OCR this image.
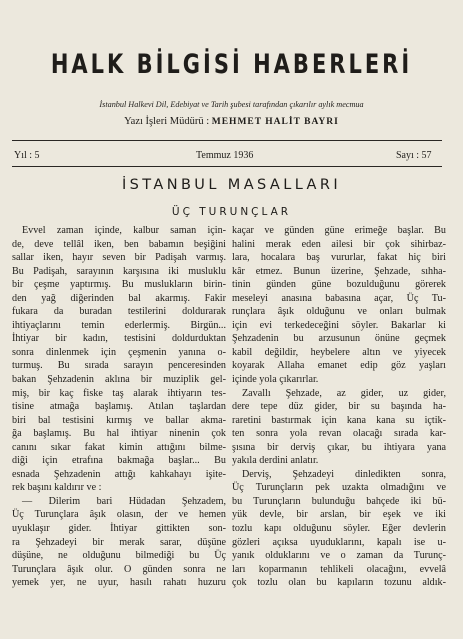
HALK BİLGİSİ HABERLERİ
İstanbul Halkevi Dil, Edebiyat ve Tarih şubesi tarafından çıkarılır aylık mecmua
Yazı İşleri Müdürü : MEHMET HALİT BAYRI
Yıl : 5	Temmuz 1936	Sayı : 57
İSTANBUL MASALLARI
ÜÇ TURUNÇLAR
Evvel zaman içinde, kalbur saman için-
de, deve tellâl iken, ben babamın beşiğini
sallar iken, hayır seven bir Padişah varmış.
Bu Padişah, sarayının karşısına iki musluklu
bir çeşme yaptırmış. Bu muslukların birin-
den yağ diğerinden bal akarmış. Fakir
fukara da buradan testilerini doldurarak
ihtiyaçlarını temin ederlermiş. Birgün...
İhtiyar bir kadın, testisini doldurduktan
sonra dinlenmek için çeşmenin yanına o-
turmuş. Bu sırada sarayın penceresinden
bakan Şehzadenin aklına bir muziplik gel-
miş, bir kaç fiske taş alarak ihtiyarın tes-
tisine atmağa başlamış. Atılan taşlardan
biri bal testisini kırmış ve ballar akma-
ğa başlamış. Bu hal ihtiyar ninenin çok
canını sıkar fakat kimin attığını bilme-
diği için etrafına bakmağa başlar... Bu
esnada Şehzadenin attığı kahkahayı işite-
rek başını kaldırır ve :
— Dilerim bari Hüdadan Şehzadem,
Üç Turunçlara âşık olasın, der ve hemen
uyuklaşır gider. İhtiyar gittikten son-
ra Şehzadeyi bir merak sarar, düşüne
düşüne, ne olduğunu bilmediği bu Üç
Turunçlara âşık olur. O günden sonra ne
yemek yer, ne uyur, hasılı rahatı huzuru
kaçar ve günden güne erimeğe başlar. Bu
halini merak eden ailesi bir çok sihirbaz-
lara, hocalara baş vururlar, fakat hiç biri
kâr etmez. Bunun üzerine, Şehzade, sıhha-
tinin günden güne bozulduğunu görerek
meseleyi anasına babasına açar, Üç Tu-
runçlara âşık olduğunu ve onları bulmak
için evi terkedeceğini söyler. Bakarlar ki
Şehzadenin bu arzusunun önüne geçmek
kabil değildir, heybelere altın ve yiyecek
koyarak Allaha emanet edip göz yaşları
içinde yola çıkarırlar.
Zavallı Şehzade, az gider, uz gider,
dere tepe düz gider, bir su başında ha-
raretini bastırmak için kana kana su içtik-
ten sonra yola revan olacağı sırada kar-
şısına bir derviş çıkar, bu ihtiyara yana
yakıla derdini anlatır.
Derviş, Şehzadeyi dinledikten sonra,
Üç Turunçların pek uzakta olmadığını ve
bu Turunçların bulunduğu bahçede iki bü-
yük devle, bir arslan, bir eşek ve iki
tozlu kapı olduğunu söyler. Eğer devlerin
gözleri açıksa uyuduklarını, kapalı ise u-
yanık olduklarını ve o zaman da Turunç-
ları koparmanın tehlikeli olacağını, evvelâ
çok tozlu olan bu kapıların tozunu aldık-
